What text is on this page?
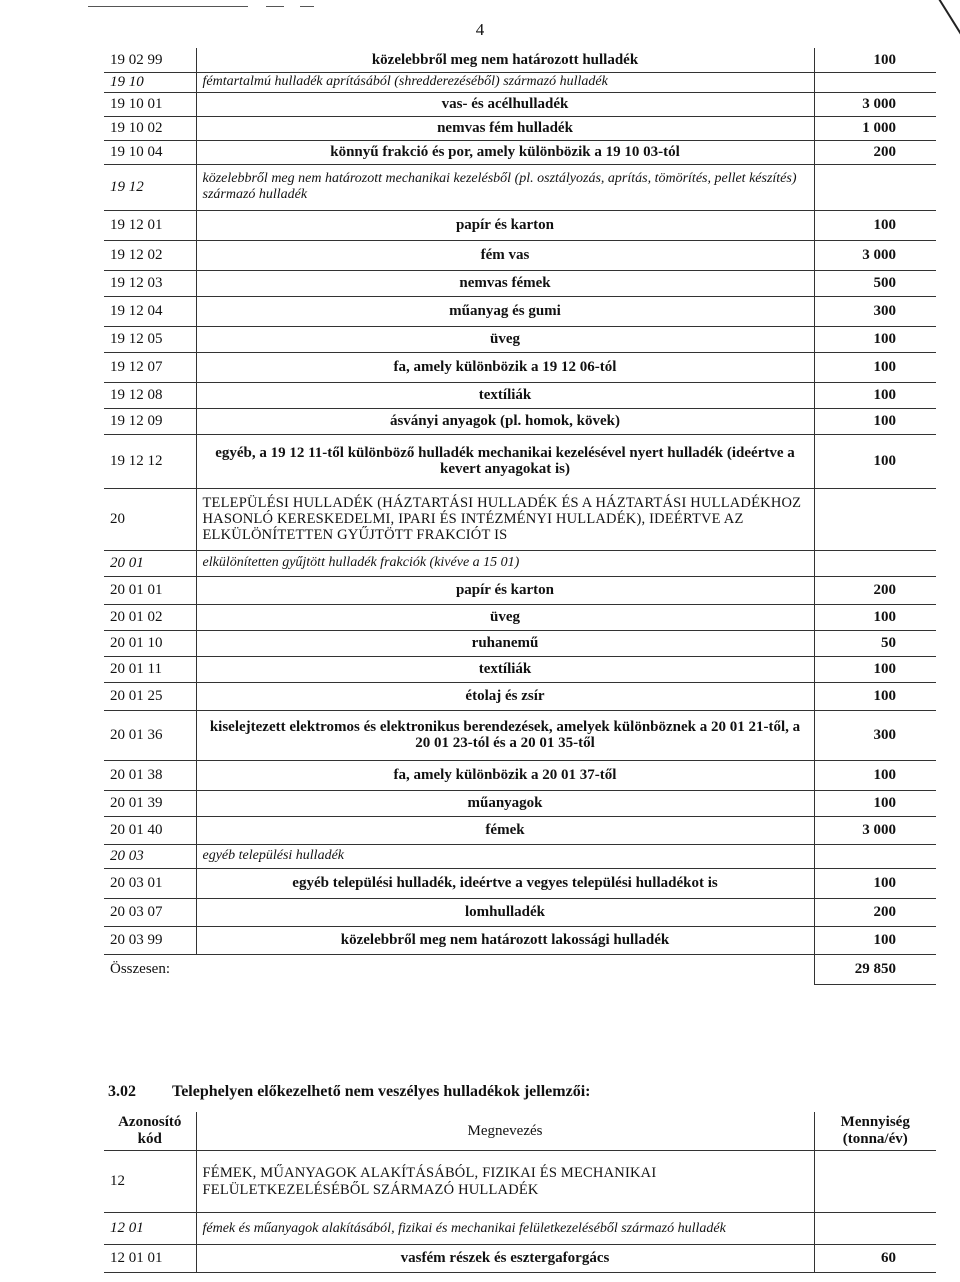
4
19 02 99	közelebbről meg nem határozott hulladék	100
19 10	fémtartalmú hulladék aprításából (shredderezéséből) származó hulladék	
19 10 01	vas- és acélhulladék	3 000
19 10 02	nemvas fém hulladék	1 000
19 10 04	könnyű frakció és por, amely különbözik a 19 10 03-tól	200
19 12	közelebbről meg nem határozott mechanikai kezelésből (pl. osztályozás, aprítás, tömörítés, pellet készítés) származó hulladék	
19 12 01	papír és karton	100
19 12 02	fém vas	3 000
19 12 03	nemvas fémek	500
19 12 04	műanyag és gumi	300
19 12 05	üveg	100
19 12 07	fa, amely különbözik a 19 12 06-tól	100
19 12 08	textíliák	100
19 12 09	ásványi anyagok (pl. homok, kövek)	100
19 12 12	egyéb, a 19 12 11-től különböző hulladék mechanikai kezelésével nyert hulladék (ideértve a kevert anyagokat is)	100
20	TELEPÜLÉSI HULLADÉK (HÁZTARTÁSI HULLADÉK ÉS A HÁZTARTÁSI HULLADÉKHOZ HASONLÓ KERESKEDELMI, IPARI ÉS INTÉZMÉNYI HULLADÉK), IDEÉRTVE AZ ELKÜLÖNÍTETTEN GYŰJTÖTT FRAKCIÓT IS	
20 01	elkülönítetten gyűjtött hulladék frakciók (kivéve a 15 01)	
20 01 01	papír és karton	200
20 01 02	üveg	100
20 01 10	ruhanemű	50
20 01 11	textíliák	100
20 01 25	étolaj és zsír	100
20 01 36	kiselejtezett elektromos és elektronikus berendezések, amelyek különböznek a 20 01 21-től, a 20 01 23-tól és a 20 01 35-től	300
20 01 38	fa, amely különbözik a 20 01 37-től	100
20 01 39	műanyagok	100
20 01 40	fémek	3 000
20 03	egyéb települési hulladék	
20 03 01	egyéb települési hulladék, ideértve a vegyes települési hulladékot is	100
20 03 07	lomhulladék	200
20 03 99	közelebbről meg nem határozott lakossági hulladék	100
Összesen:		29 850
3.02 Telephelyen előkezelhető nem veszélyes hulladékok jellemzői:
Azonosító kód	Megnevezés	Mennyiség (tonna/év)
12	FÉMEK, MŰANYAGOK ALAKÍTÁSÁBÓL, FIZIKAI ÉS MECHANIKAI FELÜLETKEZELÉSÉBŐL SZÁRMAZÓ HULLADÉK	
12 01	fémek és műanyagok alakításából, fizikai és mechanikai felületkezeléséből származó hulladék	
12 01 01	vasfém részek és esztergaforgács	60
